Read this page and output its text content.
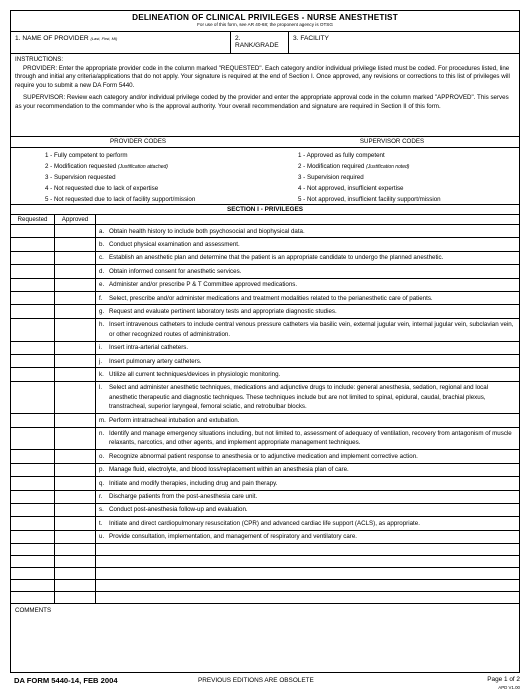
DELINEATION OF CLINICAL PRIVILEGES - NURSE ANESTHETIST
For use of this form, see AR 40-68; the proponent agency is OTSG
1. NAME OF PROVIDER (Last, First, MI)	2. RANK/GRADE
3. FACILITY

INSTRUCTIONS:

PROVIDER: Enter the appropriate provider code in the column marked "REQUESTED". Each category and/or individual privilege listed must be coded. For procedures listed, line through and initial any criteria/applications that do not apply. Your signature is required at the end of Section I. Once approved, any revisions or corrections to this list of privileges will require you to submit a new DA Form 5440.

SUPERVISOR: Review each category and/or individual privilege coded by the provider and enter the appropriate approval code in the column marked "APPROVED". This serves as your recommendation to the commander who is the approval authority. Your overall recommendation and signature are required in Section II of this form.

PROVIDER CODES
1 - Fully competent to perform
2 - Modification requested (Justification attached)
3 - Supervision requested
4 - Not requested due to lack of expertise
5 - Not requested due to lack of facility support/mission
SUPERVISOR CODES
1 - Approved as fully competent
2 - Modification required (Justification noted)
3 - Supervision required
4 - Not approved, insufficient expertise
5 - Not approved, insufficient facility support/mission
SECTION I - PRIVILEGES
Requested	Approved
a. Obtain health history to include both psychosocial and biophysical data.
b. Conduct physical examination and assessment.
c. Establish an anesthetic plan and determine that the patient is an appropriate candidate to undergo the planned anesthetic.
d. Obtain informed consent for anesthetic services.
e. Administer and/or prescribe P & T Committee approved medications.
f.	Select, prescribe and/or administer medications and treatment modalities related to the perianesthetic care of patients.
g. Request and evaluate pertinent laboratory tests and appropriate diagnostic studies.
h. Insert intravenous catheters to include central venous pressure catheters via basilic vein, external jugular vein, internal jugular vein, subclavian vein, or other recognized routes of administration.
i.	Insert intra-arterial catheters.
j.	Insert pulmonary artery catheters.
k. Utilize all current techniques/devices in physiologic monitoring.
l.	Select and administer anesthetic techniques, medications and adjunctive drugs to include: general anesthesia, sedation, regional and local anesthetic therapeutic and diagnostic techniques. These techniques include but are not limited to spinal, epidural, caudal, brachial plexus, transtracheal, superior laryngeal, femoral sciatic, and retrobulbar blocks.
m. Perform intratracheal intubation and extubation.
n. Identify and manage emergency situations including, but not limited to, assessment of adequacy of ventilation, recovery from antagonism of muscle relaxants, narcotics, and other agents, and implement appropriate management techniques.
o. Recognize abnormal patient response to anesthesia or to adjunctive medication and implement corrective action.
p. Manage fluid, electrolyte, and blood loss/replacement within an anesthesia plan of care.
q. Initiate and modify therapies, including drug and pain therapy.
r.	Discharge patients from the post-anesthesia care unit.
s. Conduct post-anesthesia follow-up and evaluation.
t.	Initiate and direct cardiopulmonary resuscitation (CPR) and advanced cardiac life support (ACLS), as appropriate.
u. Provide consultation, implementation, and management of respiratory and ventilatory care.
COMMENTS
DA FORM 5440-14, FEB 2004	PREVIOUS EDITIONS ARE OBSOLETE	Page 1 of 2
APD V1.00
